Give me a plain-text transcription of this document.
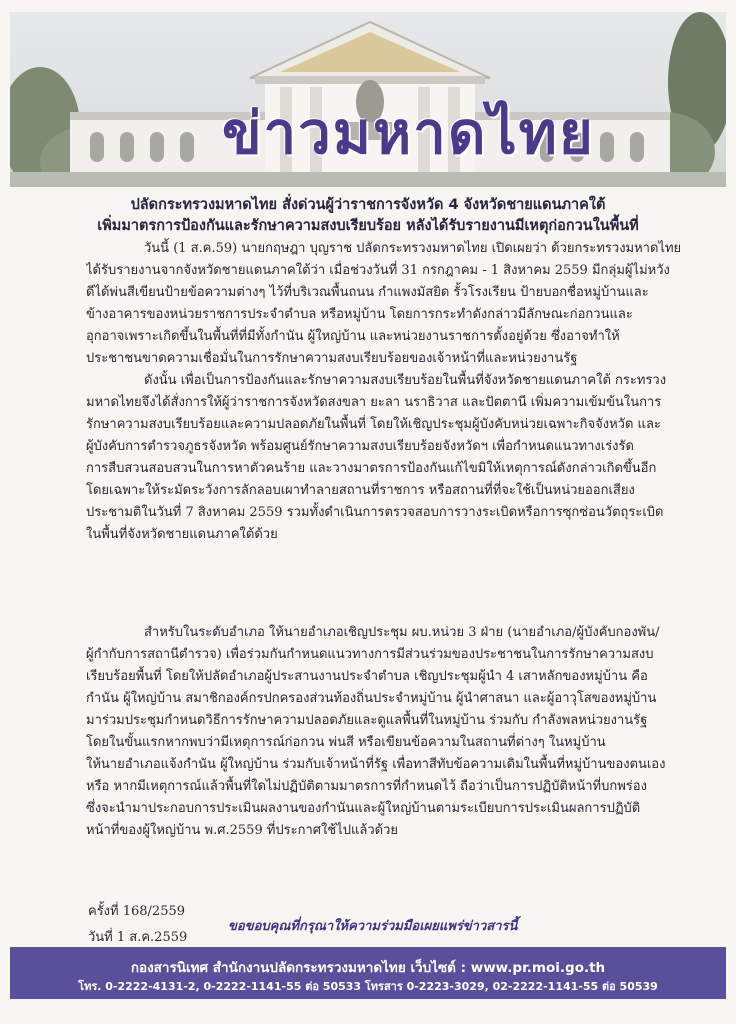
ข่าวมหาดไทย
ปลัดกระทรวงมหาดไทย สั่งด่วนผู้ว่าราชการจังหวัด 4 จังหวัดชายแดนภาคใต้
เพิ่มมาตรการป้องกันและรักษาความสงบเรียบร้อย หลังได้รับรายงานมีเหตุก่อกวนในพื้นที่
วันนี้ (1 ส.ค.59) นายกฤษฎา บุญราช ปลัดกระทรวงมหาดไทย เปิดเผยว่า ด้วยกระทรวงมหาดไทย
ได้รับรายงานจากจังหวัดชายแดนภาคใต้ว่า เมื่อช่วงวันที่ 31 กรกฎาคม - 1 สิงหาคม 2559 มีกลุ่มผู้ไม่หวัง
ดีได้พ่นสีเขียนป้ายข้อความต่างๆ ไว้ที่บริเวณพื้นถนน กำแพงมัสยิด รั้วโรงเรียน ป้ายบอกชื่อหมู่บ้านและ
ข้างอาคารของหน่วยราชการประจำตำบล หรือหมู่บ้าน โดยการกระทำดังกล่าวมีลักษณะก่อกวนและ
อุกอาจเพราะเกิดขึ้นในพื้นที่ที่มีทั้งกำนัน ผู้ใหญ่บ้าน และหน่วยงานราชการตั้งอยู่ด้วย ซึ่งอาจทำให้
ประชาชนขาดความเชื่อมั่นในการรักษาความสงบเรียบร้อยของเจ้าหน้าที่และหน่วยงานรัฐ
ดังนั้น เพื่อเป็นการป้องกันและรักษาความสงบเรียบร้อยในพื้นที่จังหวัดชายแดนภาคใต้ กระทรวง
มหาดไทยจึงได้สั่งการให้ผู้ว่าราชการจังหวัดสงขลา ยะลา นราธิวาส และปัตตานี เพิ่มความเข้มข้นในการ
รักษาความสงบเรียบร้อยและความปลอดภัยในพื้นที่ โดยให้เชิญประชุมผู้บังคับหน่วยเฉพาะกิจจังหวัด และ
ผู้บังคับการตำรวจภูธรจังหวัด พร้อมศูนย์รักษาความสงบเรียบร้อยจังหวัดฯ เพื่อกำหนดแนวทางเร่งรัด
การสืบสวนสอบสวนในการหาตัวคนร้าย และวางมาตรการป้องกันแก้ไขมิให้เหตุการณ์ดังกล่าวเกิดขึ้นอีก
โดยเฉพาะให้ระมัดระวังการลักลอบเผาทำลายสถานที่ราชการ หรือสถานที่ที่จะใช้เป็นหน่วยออกเสียง
ประชามติในวันที่ 7 สิงหาคม 2559 รวมทั้งดำเนินการตรวจสอบการวางระเบิดหรือการซุกซ่อนวัตถุระเบิด
ในพื้นที่จังหวัดชายแดนภาคใต้ด้วย
สำหรับในระดับอำเภอ ให้นายอำเภอเชิญประชุม ผบ.หน่วย 3 ฝ่าย (นายอำเภอ/ผู้บังคับกองพัน/
ผู้กำกับการสถานีตำรวจ) เพื่อร่วมกันกำหนดแนวทางการมีส่วนร่วมของประชาชนในการรักษาความสงบ
เรียบร้อยพื้นที่ โดยให้ปลัดอำเภอผู้ประสานงานประจำตำบล เชิญประชุมผู้นำ 4 เสาหลักของหมู่บ้าน คือ
กำนัน ผู้ใหญ่บ้าน สมาชิกองค์กรปกครองส่วนท้องถิ่นประจำหมู่บ้าน ผู้นำศาสนา และผู้อาวุโสของหมู่บ้าน
มาร่วมประชุมกำหนดวิธีการรักษาความปลอดภัยและดูแลพื้นที่ในหมู่บ้าน ร่วมกับ กำลังพลหน่วยงานรัฐ
โดยในขั้นแรกหากพบว่ามีเหตุการณ์ก่อกวน พ่นสี หรือเขียนข้อความในสถานที่ต่างๆ ในหมู่บ้าน
ให้นายอำเภอแจ้งกำนัน ผู้ใหญ่บ้าน ร่วมกับเจ้าหน้าที่รัฐ เพื่อทาสีทับข้อความเดิมในพื้นที่หมู่บ้านของตนเอง
หรือ หากมีเหตุการณ์แล้วพื้นที่ใดไม่ปฏิบัติตามมาตรการที่กำหนดไว้ ถือว่าเป็นการปฏิบัติหน้าที่บกพร่อง
ซึ่งจะนำมาประกอบการประเมินผลงานของกำนันและผู้ใหญ่บ้านตามระเบียบการประเมินผลการปฏิบัติ
หน้าที่ของผู้ใหญ่บ้าน พ.ศ.2559 ที่ประกาศใช้ไปแล้วด้วย
ครั้งที่ 168/2559
วันที่ 1 ส.ค.2559
ขอขอบคุณที่กรุณาให้ความร่วมมือเผยแพร่ข่าวสารนี้
กองสารนิเทศ สำนักงานปลัดกระทรวงมหาดไทย เว็บไซต์ : www.pr.moi.go.th
โทร. 0-2222-4131-2, 0-2222-1141-55 ต่อ 50533 โทรสาร 0-2223-3029, 02-2222-1141-55 ต่อ 50539
